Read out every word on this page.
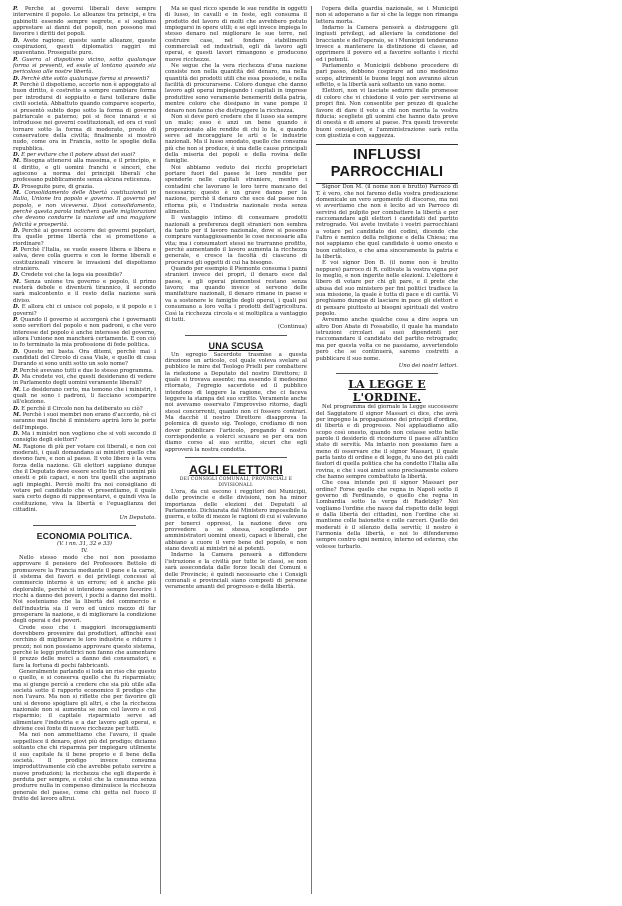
P. Perchè ai governi liberali deve sempre intervenire il popolo. Le alleanze tra principi, e tra gabinetti essendo sempre segrete, e si sogliono apprestare ai danni dei popoli, non possono mai favorire i diritti dei popoli.

D. Avete ragione; queste sante alleanze, queste cospirazioni, questi diplomatici raggiri mi spaventano. Proseguite pure.

P. Guerra al dispotismo vicino, sotto qualunque forma si presenti, ed esule al lontano quando sia pericoloso alle nostre libertà.

D. Perchè dite sotto qualunque forma si presenti?

P. Perchè il dispotismo, accorto non è appoggiato al buon diritto, è costretto a sempre cambiare forma per introdursi di soppiatto e farsi tollerare dalle civili società. Abbattuto quando comparve scoperto, si presentò subito dopo sotto la forma di governo patriarcale e paterno; poi si fece innanzi e si introdusse nei governi costituzionali, ed ora ci vuol tornare sotto la forma di moderato, presto di conservatore della civiltà; finalmente si mostrò nudo, come ora in Francia, sotto le spoglie della repubblica.

D. E per evitare che il potere abusi dei suoi?

M. Bisogna attenersi alla massima, e il principio, e il diritto, e gli uomini franchi e sinceri, che agiscono a norma dei principii liberali che professano pubblicamente senza alcuna reticenza.

D. Proseguite pure, di grazia.

M. Consolidamento delle libertà costituzionali in Italia, Unione tra popolo e governo. Il governo pel popolo, e non viceversa. Dissi consolidamento, perchè questa parola indicherà quelle migliorazioni che devono condurre la nazione ad una maggiore felicità e prosperità.

D. Perchè ai governi occorre dei governi popolari, fra quelle prime libertà che si promettono a riordinare?

P. Perchè l'Italia, se vuole essere libera e libera e salva, deve colla guerra e con le forme liberali e costituzionali vincere le invasioni del dispotismo straniero.

D. Credete voi che la lega sia possibile?

M. Senza unione tra governo e popolo, il primo resterà debole e diventerà tirannico, il secondo sarà malcontento e il resto della nazione sarà diviso.

D. E allora chi ci unisce col popolo, e il popolo e i governi?

P. Quando il governo si accorgerà che i governanti sono servitori del popolo e non padroni, e che vero interesse del popolo è anche interesse del governo, allora l'unione non mancherà certamente. E con ciò io fo terminato la mia professione di fede politica.

D. Questo mi basta. Ora ditemi, perchè mai i candidati del Circolo di casa Viale, e quello di casa Durando si sono uniti sotto un solo nome?

P. Perchè avevano tutti e due lo stesso programma.

D. Ma credete voi, che questi desiderano di vedere in Parlamento degli uomini veramente liberali?

M. Lo desiderano certo, ma temono che i ministri, i quali ne sono i padroni, li facciano scomparire all'elezione.

D. E perchè il Circolo non ha deliberato su ciò?

M. Perchè i suoi membri non erano d'accordo, nè ci saranno mai finchè il ministero aprirà loro le porte dell'impiego.

D. Ma i ministri non vogliono che si voti secondo il consiglio degli elettori?

M. Ragione di più per votare coi liberali, e non coi moderati, i quali domandano ai ministri quello che devono fare, e non al paese. Il voto libero è la vera forza della nazione. Gli elettori sappiano dunque che il Deputato deve essere scelto tra gli uomini più onesti e più capaci, e non tra quelli che aspirano agli impieghi. Perciò molti fra noi consigliano di votare pel candidato che vi presentiamo, il quale sarà certo degno di rappresentarvi, e quindi viva la costituzione, viva la libertà e l'eguaglianza dei cittadini.

Un Deputato.
ECONOMIA POLITICA.
(V. i nn. 31, 32 e 33)
IV.

Nello stesso modo che noi non possiamo approvare il pensiero del Professore Bettolo di promuovere la Francia mediante il pane e la carne, il sistema dei favori e dei privilegi concessi al commercio interno è un errore; ed è anche più deplorabile, perchè si intendono sempre favorire i ricchi a danno dei poveri, i pochi a danno dei molti. Noi sosteniamo che la libertà del commercio e dell'industria sia il vero ed unico mezzo di far prosperare la nazione, e di migliorare la condizione degli operai e dei poveri.

Crede esso che i maggiori incoraggiamenti dovrebbero provenire dai produttori, affinchè essi cerchino di migliorare le loro industrie e ridurre i prezzi; noi non possiamo approvare questo sistema, perchè le leggi protettrici non fanno che aumentare il prezzo delle merci a danno dei consumatori, e fare la fortuna di pochi fabbricanti.

Generalmente parlando si loda un riso che questo o quello, e si conserva quello che fu risparmiato; ma si giunge perciò a credere che sia più utile alla società sotto il rapporto economico il prodigo che non l'avaro. Ma non si riflette che per favorire gli uni si devono spogliare gli altri, e che la ricchezza nazionale non si aumenta se non col lavoro e col risparmio; il capitale risparmiato serve ad alimentare l'industria e a dar lavoro agli operai, e diviene così fonte di nuove ricchezze per tutti.

Ma noi non ammettiamo che l'avaro, il quale seppellisce il denaro, giovi più del prodigo; diciamo soltanto che chi risparmia per impiegare utilmente il suo capitale fa il bene proprio e il bene della società. Il prodigo invece consuma improduttivamente ciò che avrebbe potuto servire a nuove produzioni; la ricchezza che egli disperde è perduta per sempre, e colui che la consuma senza produrre nulla in compenso diminuisce la ricchezza generale del paese, come chi getta nel fuoco il frutto del lavoro altrui.

Ma se quel ricco spende le sue rendite in oggetti di lusso, in cavalli e in feste, egli consuma il prodotto del lavoro di molti che avrebbero potuto impiegarsi in opere utili; e se egli invece impiega lo stesso denaro nel migliorare le sue terre, nel costruire case, nel fondare stabilimenti commerciali ed industriali, egli dà lavoro agli operai, e questi lavori rimangono e producono nuove ricchezze.

Ne segue che la vera ricchezza d'una nazione consiste non nella quantità del denaro, ma nella quantità dei prodotti utili che essa possiede, e nella facilità di procurarsene. Coloro dunque che danno lavoro agli operai impiegando i capitali in imprese produttive sono veramente benemeriti della patria, mentre coloro che dissipano in vane pompe il denaro non fanno che distruggere la ricchezza.

Non si deve però credere che il lusso sia sempre un male; esso è anzi un bene quando è proporzionato alle rendite di chi lo fa, e quando serve ad incoraggiare le arti e le industrie nazionali. Ma il lusso smodato, quello che consuma più che non si produce, è una delle cause principali della miseria dei popoli e della rovina delle famiglie.

Noi abbiamo veduto dei ricchi proprietari portare fuori del paese le loro rendite per spenderle nelle capitali straniere, mentre i contadini che lavorano le loro terre mancano del necessario; questo è un grave danno per la nazione, perchè il denaro che esce dal paese non ritorna più, e l'industria nazionale resta senza alimento.

Il vantaggio intimo di consumare prodotti nazionali a preferenza degli stranieri non sembra da tanto per il lavoro nazionale, dove si possono comprare vantaggiosamente le cose necessarie alla vita; ma i consumatori stessi ne trarranno profitto, perchè aumentando il lavoro aumenta la ricchezza generale, e cresce la facoltà di ciascuno di procurarsi gli oggetti di cui ha bisogno.

Quando per esempio il Piemonte consuma i panni stranieri invece dei propri, il denaro esce dal paese, e gli operai piemontesi restano senza lavoro; ma quando invece si servono delle manifatture nazionali, il denaro rimane in paese e va a sostenere le famiglie degli operai, i quali poi consumano a loro volta i prodotti dell'agricoltura. Così la ricchezza circola e si moltiplica a vantaggio di tutti.

(Continua)
UNA SCUSA

Un egregio Sacerdote trasmise a questa direzione un articolo, col quale voleva svelare al pubblico le mire del Teologo Prielli per combattere la rielezione a Deputato del nostro Direttore; il quale si trovava assente; ma essendo il medesimo ritornato, l'egregio sacerdote ed il pubblico intendono di leggere la ragione, che ci faceva leggere la stampa del suo scritto. Veramente anche noi avevamo osservato l'improvviso ritorno, dagli stessi concorrenti, quanto non ci fossero contrari. Ma dacchè il nostro Direttore disapprova la polemica di questo sig. Teologo, crediamo di non dover pubblicare l'articolo, pregando il nostro corrispondente a volerci scusare se per ora non diamo corso al suo scritto, sicuri che egli approverà la nostra condotta.

AGLI ELETTORI
DEI CONSIGLI COMUNALI, PROVINCIALI E DIVISIONALI.

L'ora, da cui escono i reggitori dei Municipii, delle provincie e delle divisioni, non ha minor importanza delle elezioni dei Deputati al Parlamento. Dichiarata dal Ministero impossibile la guerra, e tolte di mezzo le ragioni di cui si valevano per tenerci oppressi, la nazione deve ora provvedere a se stessa, scegliendo per amministratori uomini onesti, capaci e liberali, che abbiano a cuore il vero bene del popolo, e non siano devoti ai ministri né ai potenti.

Indarno la Camera penserà a diffondere l'istruzione e la civiltà per tutte le classi, se non sarà assecondata dalle forze locali dei Comuni e delle Provincie; è quindi necessario che i Consigli comunali e provinciali siano composti di persone veramente amanti del progresso e della libertà.

l'opera della guardia nazionale, se i Municipii non si adoperano a far sì che la legge non rimanga lettera morta.

Indarno la Camera penserà a distruggere gli ingiusti privilegi, ad alleviare la condizione del bracciante e dell'operaio, se i Municipii tenderanno invece a mantenere la distinzione di classe, ad opprimere il povero ed a favorire soltanto i ricchi ed i potenti.

Parlamento e Municipii debbono procedere di pari passo, debbono cospirare ad uno medesimo scopo, altrimenti le buone leggi non avranno alcun effetto, e la libertà sarà soltanto un vano nome.

Elettori, non vi lasciate sedurre dalle promesse di coloro che vi chiedono il voto per servirsene ai propri fini. Non consentite per prezzo di qualche favore di dare il voto a chi non merita la vostra fiducia; scegliete gli uomini che hanno dato prove di onestà e di amore al paese. Fra questi troverete buoni consiglieri, e l'amministrazione sarà retta con giustizia e con saggezza.

INFLUSSI PARROCCHIALI

Signor Don M. (il nome non è brutto) Parroco di T. è vero, che noi faremo della vostra predicazione domenicale un vero argomento di discorso, ma noi vi avvertiamo che non è lecito ad un Parroco di servirsi del pulpito per combattere la libertà e per raccomandare agli elettori i candidati del partito retrogrado. Voi avete invitato i vostri parrocchiani a votare pel candidato dei codini, dicendo che l'altro è nemico della religione e della Chiesa; ma noi sappiamo che quel candidato è uomo onesto e buon cattolico, e che ama sinceramente la patria e la libertà.

E voi signor Don B. (il nome non è brutto neppure) parroco di R. coltivate la vostra vigna per lo meglio, e non ingerite nelle elezioni. L'elettore è libero di votare per chi gli pare, e il prete che abusa del suo ministero per fini politici tradisce la sua missione, la quale è tutta di pace e di carità. Vi preghiamo dunque di lasciare in pace gli elettori e di pensare piuttosto ai bisogni spirituali del vostro popolo.

Avremmo anche qualche cosa a dire sopra un altro Don Abate di Fossatello, il quale ha mandato istruzioni circolari ai suoi dipendenti per raccomandare il candidato del partito retrogrado; ma per questa volta ce ne passiamo, avvertendolo però che se continuerà, saremo costretti a pubblicare il suo nome.

Uno dei nostri lettori.
LA LEGGE E L'ORDINE.

Nel programma del giornale la Legge successore del Saggiatore il signor Massari ci dice, che avrà per impegno la propagazione dei principii d'ordine, di libertà e di progresso. Noi applaudiamo allo scopo così onesto, quando non celasse sotto belle parole il desiderio di ricondurre il paese all'antico stato di servitù. Ma intanto non possiamo fare a meno di osservare che il signor Massari, il quale parla tanto di ordine e di legge, fu uno dei più caldi fautori di quella politica che ha condotto l'Italia alla rovina, e che i suoi amici sono precisamente coloro che hanno sempre combattuto la libertà.

Che cosa intende poi il signor Massari per ordine? Forse quello che regna in Napoli sotto il governo di Ferdinando, o quello che regna in Lombardia sotto la verga di Radetzky? Noi vogliamo l'ordine che nasce dal rispetto delle leggi e dalla libertà dei cittadini, non l'ordine che si mantiene colle baionette e colle carceri. Quello dei moderati è il silenzio della servitù; il nostro è l'armonia della libertà, e noi lo difenderemo sempre contro ogni nemico, interno od esterno, che volesse turbarlo.
